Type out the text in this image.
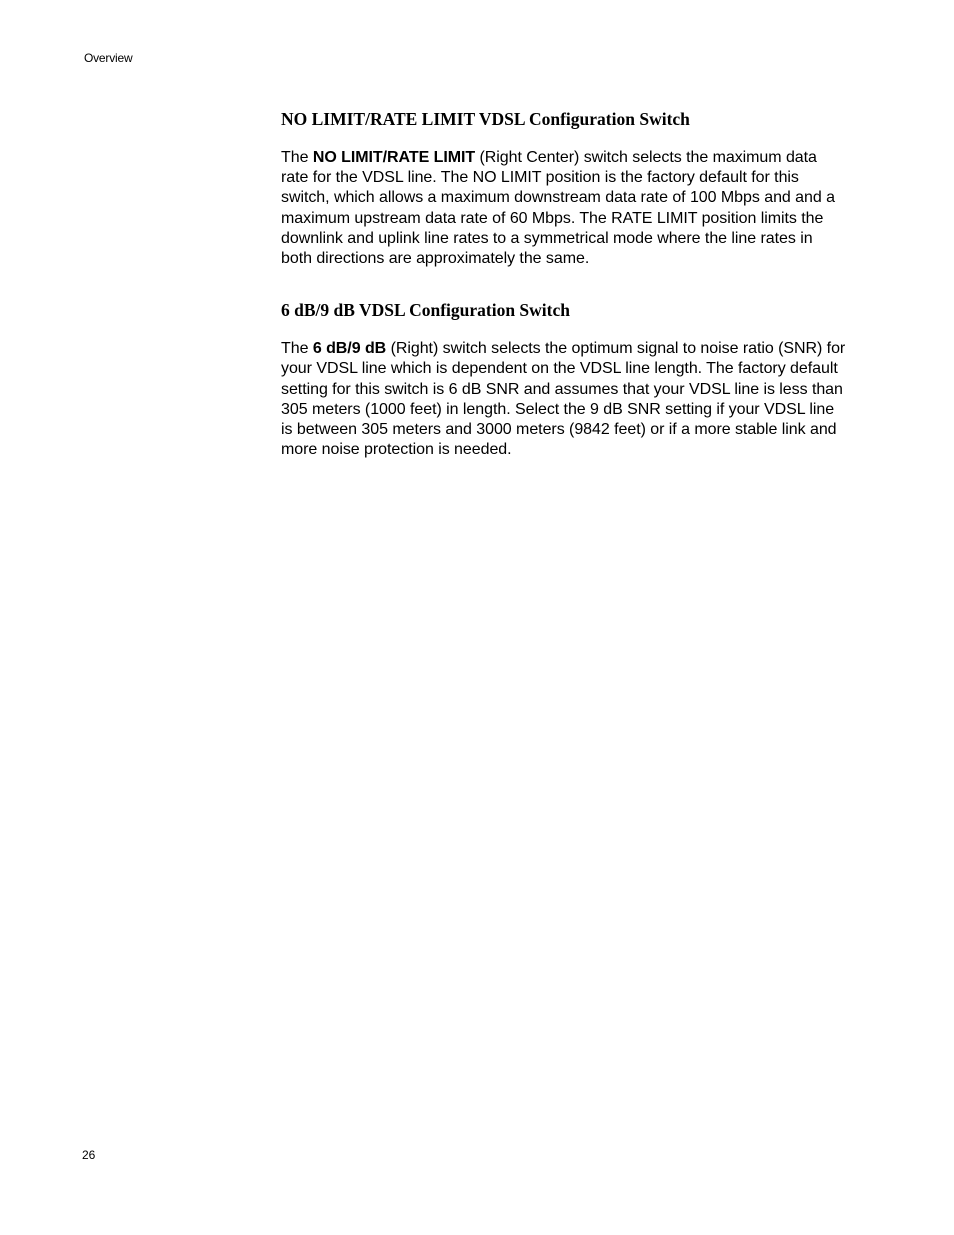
Overview
NO LIMIT/RATE LIMIT VDSL Configuration Switch

The NO LIMIT/RATE LIMIT (Right Center) switch selects the maximum data rate for the VDSL line. The NO LIMIT position is the factory default for this switch, which allows a maximum downstream data rate of 100 Mbps and and a maximum upstream data rate of 60 Mbps. The RATE LIMIT position limits the downlink and uplink line rates to a symmetrical mode where the line rates in both directions are approximately the same.

6 dB/9 dB VDSL Configuration Switch

The 6 dB/9 dB (Right) switch selects the optimum signal to noise ratio (SNR) for your VDSL line which is dependent on the VDSL line length. The factory default setting for this switch is 6 dB SNR and assumes that your VDSL line is less than 305 meters (1000 feet) in length. Select the 9 dB SNR setting if your VDSL line is between 305 meters and 3000 meters (9842 feet) or if a more stable link and more noise protection is needed.

26
